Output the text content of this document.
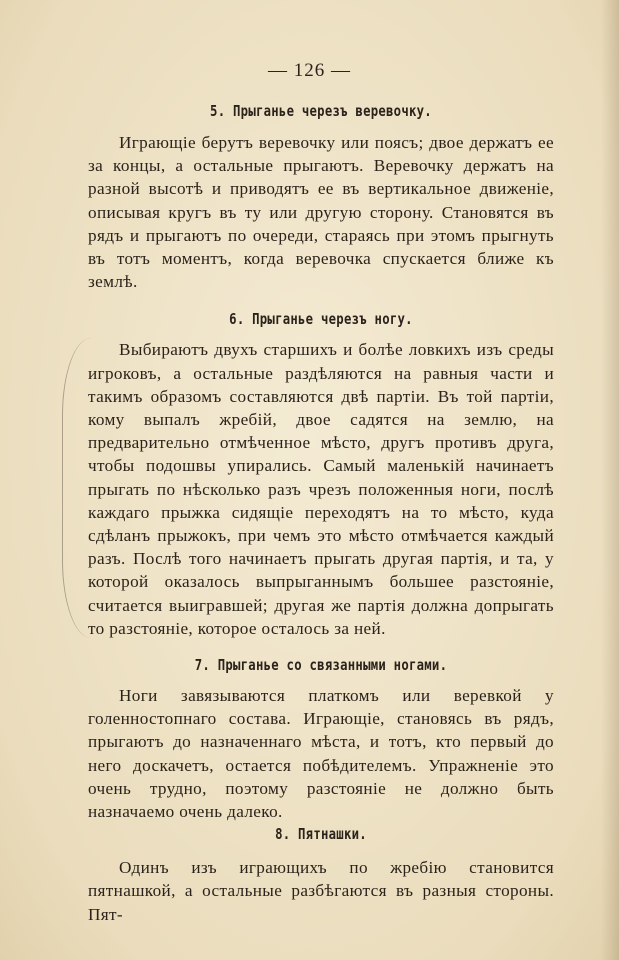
— 126 —
5. Прыганье черезъ веревочку.

Играющіе берутъ веревочку или поясъ; двое держатъ ее за концы, а остальные прыгаютъ. Веревочку держатъ на разной высотѣ и приводятъ ее въ вертикальное движеніе, описывая кругъ въ ту или другую сторону. Становятся въ рядъ и прыгаютъ по очереди, стараясь при этомъ прыгнуть въ тотъ моментъ, когда веревочка спускается ближе къ землѣ.

6. Прыганье черезъ ногу.

Выбираютъ двухъ старшихъ и болѣе ловкихъ изъ среды игроковъ, а остальные раздѣляются на равныя части и такимъ образомъ составляются двѣ партіи. Въ той партіи, кому выпалъ жребій, двое садятся на землю, на предварительно отмѣченное мѣсто, другъ противъ друга, чтобы подошвы упирались. Самый маленькій начинаетъ прыгать по нѣсколько разъ чрезъ положенныя ноги, послѣ каждаго прыжка сидящіе переходятъ на то мѣсто, куда сдѣланъ прыжокъ, при чемъ это мѣсто отмѣчается каждый разъ. Послѣ того начинаетъ прыгать другая партія, и та, у которой оказалось выпрыганнымъ большее разстояніе, считается выигравшей; другая же партія должна допрыгать то разстояніе, которое осталось за ней.

7. Прыганье со связанными ногами.

Ноги завязываются платкомъ или веревкой у голенностопнаго состава. Играющіе, становясь въ рядъ, прыгаютъ до назначеннаго мѣста, и тотъ, кто первый до него доскачетъ, остается побѣдителемъ. Упражненіе это очень трудно, поэтому разстояніе не должно быть назначаемо очень далеко.

8. Пятнашки.

Одинъ изъ играющихъ по жребію становится пятнашкой, а остальные разбѣгаются въ разныя стороны. Пят-
